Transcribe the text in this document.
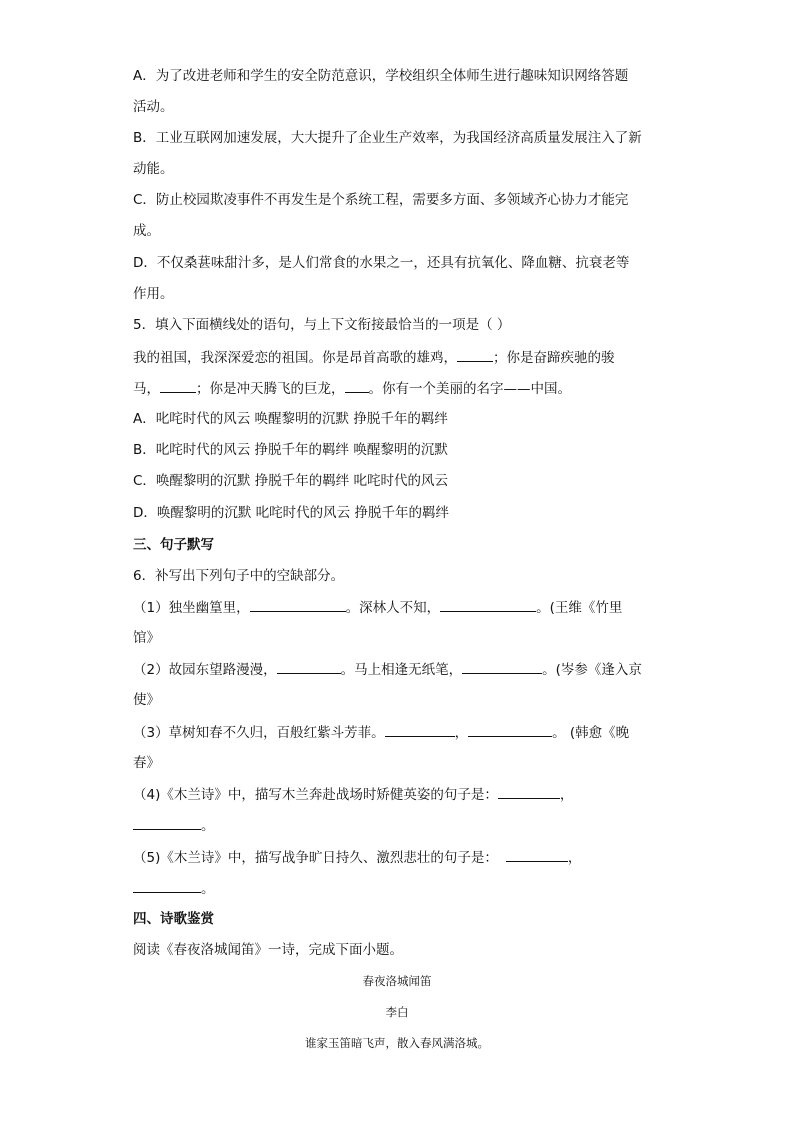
A．为了改进老师和学生的安全防范意识，学校组织全体师生进行趣味知识网络答题
活动。
B．工业互联网加速发展，大大提升了企业生产效率，为我国经济高质量发展注入了新
动能。
C．防止校园欺凌事件不再发生是个系统工程，需要多方面、多领域齐心协力才能完
成。
D．不仅桑葚味甜汁多，是人们常食的水果之一，还具有抗氧化、降血糖、抗衰老等
作用。
5．填入下面横线处的语句，与上下文衔接最恰当的一项是（ ）
我的祖国，我深深爱恋的祖国。你是昂首高歌的雄鸡，	；你是奋蹄疾驰的骏
马，	；你是冲天腾飞的巨龙， 。你有一个美丽的名字——中国。
A．叱咤时代的风云 唤醒黎明的沉默 挣脱千年的羁绊
B．叱咤时代的风云 挣脱千年的羁绊 唤醒黎明的沉默
C．唤醒黎明的沉默 挣脱千年的羁绊 叱咤时代的风云
D．唤醒黎明的沉默 叱咤时代的风云 挣脱千年的羁绊
三、句子默写
6．补写出下列句子中的空缺部分。
（1）独坐幽篁里，	。深林人不知，	。(王维《竹里
馆》
（2）故园东望路漫漫，	。马上相逢无纸笔，	。(岑参《逢入京
使》
（3）草树知春不久归，百般红紫斗芳菲。	，	。 (韩愈《晚
春》
（4)《木兰诗》中，描写木兰奔赴战场时矫健英姿的句子是：	，
。
（5)《木兰诗》中，描写战争旷日持久、激烈悲壮的句子是：	，
。
四、诗歌鉴赏
阅读《春夜洛城闻笛》一诗，完成下面小题。
春夜洛城闻笛
李白
谁家玉笛暗飞声，散入春风满洛城。
